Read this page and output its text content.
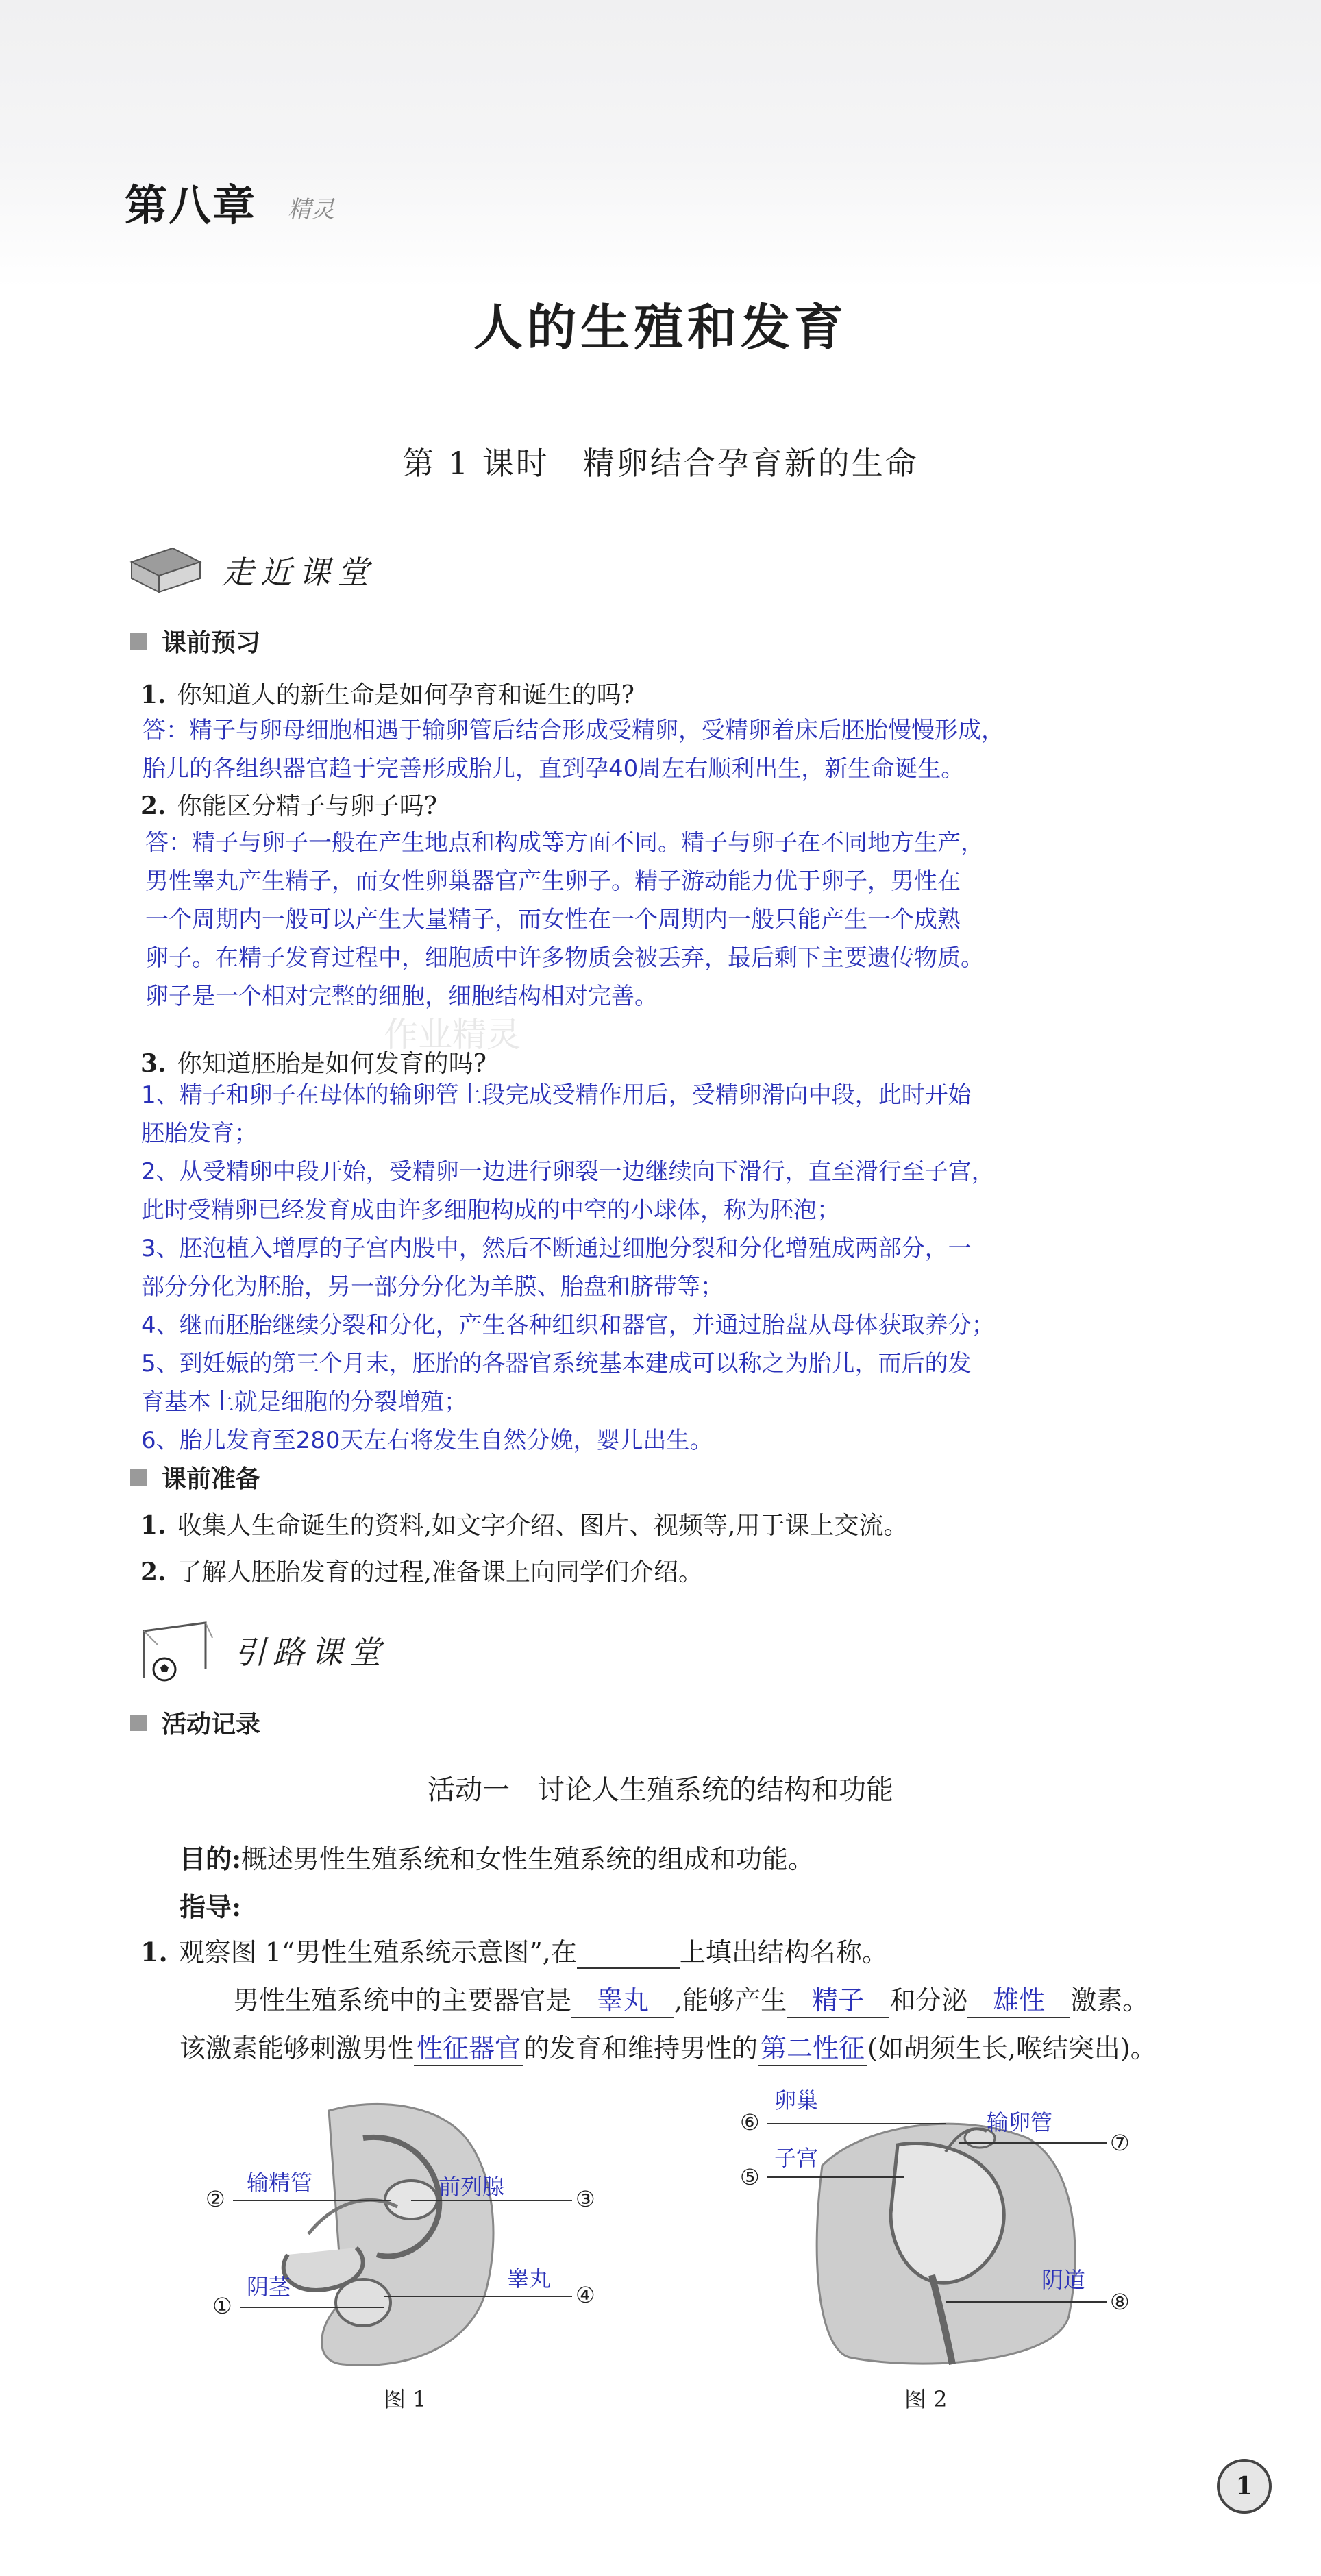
第八章 精灵
人的生殖和发育
第 1 课时　精卵结合孕育新的生命
走近课堂
课前预习
1. 你知道人的新生命是如何孕育和诞生的吗?

答：精子与卵母细胞相遇于输卵管后结合形成受精卵，受精卵着床后胚胎慢慢形成，

胎儿的各组织器官趋于完善形成胎儿，直到孕40周左右顺利出生，新生命诞生。

2. 你能区分精子与卵子吗?

答：精子与卵子一般在产生地点和构成等方面不同。精子与卵子在不同地方生产，

男性睾丸产生精子，而女性卵巢器官产生卵子。精子游动能力优于卵子，男性在

一个周期内一般可以产生大量精子，而女性在一个周期内一般只能产生一个成熟

卵子。在精子发育过程中，细胞质中许多物质会被丢弃，最后剩下主要遗传物质。

卵子是一个相对完整的细胞，细胞结构相对完善。

作业精灵
3. 你知道胚胎是如何发育的吗?

1、精子和卵子在母体的输卵管上段完成受精作用后，受精卵滑向中段，此时开始

胚胎发育；

2、从受精卵中段开始，受精卵一边进行卵裂一边继续向下滑行，直至滑行至子宫，

此时受精卵已经发育成由许多细胞构成的中空的小球体，称为胚泡；

3、胚泡植入增厚的子宫内股中，然后不断通过细胞分裂和分化增殖成两部分，一

部分分化为胚胎，另一部分分化为羊膜、胎盘和脐带等；

4、继而胚胎继续分裂和分化，产生各种组织和器官，并通过胎盘从母体获取养分；

5、到妊娠的第三个月末，胚胎的各器官系统基本建成可以称之为胎儿，而后的发

育基本上就是细胞的分裂增殖；

6、胎儿发育至280天左右将发生自然分娩，婴儿出生。

课前准备
1. 收集人生命诞生的资料,如文字介绍、图片、视频等,用于课上交流。
2. 了解人胚胎发育的过程,准备课上向同学们介绍。
引路课堂
活动记录
活动一　讨论人生殖系统的结构和功能
目的:概述男性生殖系统和女性生殖系统的组成和功能。
指导:
1. 观察图 1“男性生殖系统示意图”,在	上填出结构名称。
男性生殖系统中的主要器官是 睾丸 ,能够产生 精子 和分泌 雄性 激素。
该激素能够刺激男性 性征器官 的发育和维持男性的 第二性征 (如胡须生长,喉结突出)。
②
输精管
③
前列腺
①
阴茎	④
睾丸
图 1
⑥
卵巢
⑦
输卵管
⑤
子宫
⑧
阴道
图 2
1
